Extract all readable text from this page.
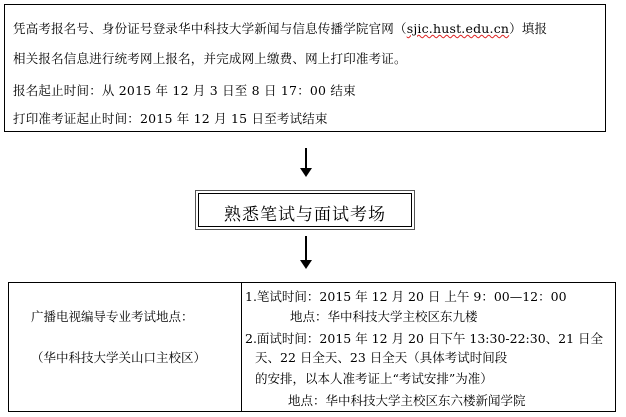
凭高考报名号、身份证号登录华中科技大学新闻与信息传播学院官网（sjic.hust.edu.cn）填报
相关报名信息进行统考网上报名，并完成网上缴费、网上打印准考证。
报名起止时间：从 2015 年 12 月 3 日至 8 日 17：00 结束
打印准考证起止时间：2015 年 12 月 15 日至考试结束
熟悉笔试与面试考场
广播电视编导专业考试地点：
（华中科技大学关山口主校区）
1.笔试时间：2015 年 12 月 20 日 上午 9：00—12：00
地点：华中科技大学主校区东九楼
2.面试时间：2015 年 12 月 20 日下午 13:30-22:30、21 日全
天、22 日全天、23 日全天（具体考试时间段
的安排，以本人准考证上“考试安排”为准）
地点：华中科技大学主校区东六楼新闻学院
